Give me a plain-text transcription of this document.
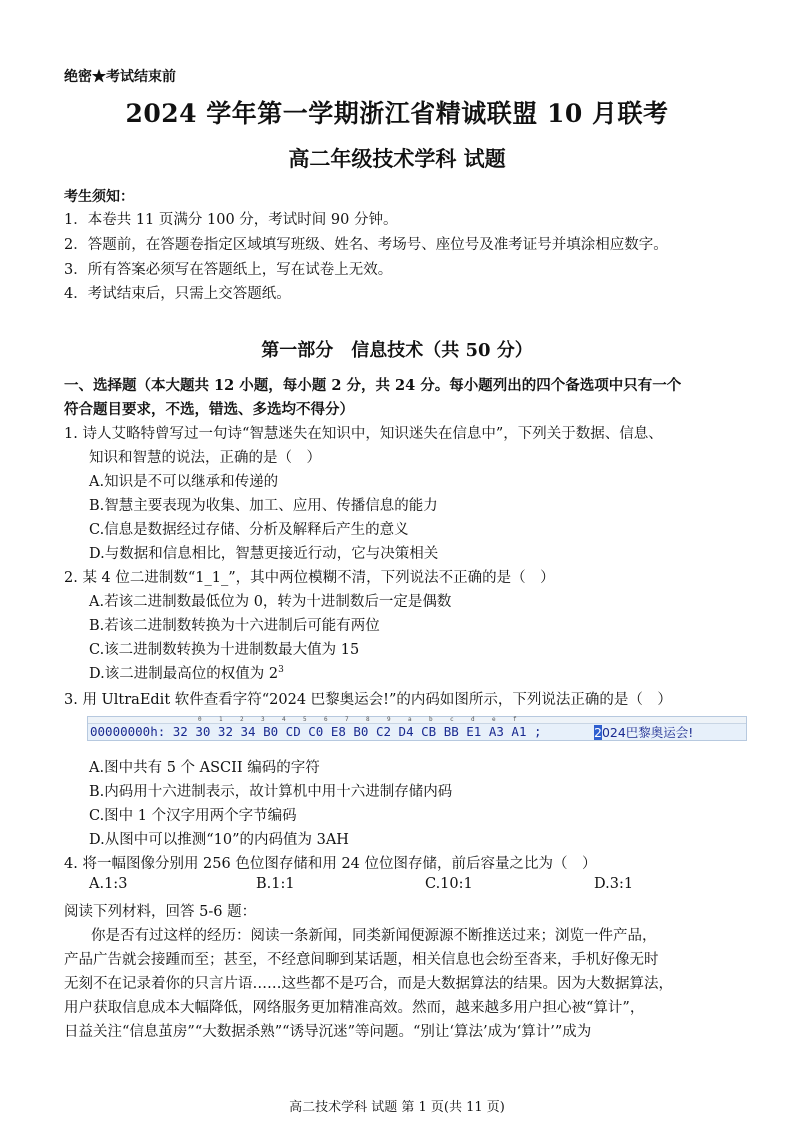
绝密★考试结束前
2024 学年第一学期浙江省精诚联盟 10 月联考
高二年级技术学科 试题
考生须知：
1．本卷共 11 页满分 100 分，考试时间 90 分钟。
2．答题前，在答题卷指定区域填写班级、姓名、考场号、座位号及准考证号并填涂相应数字。
3．所有答案必须写在答题纸上，写在试卷上无效。
4．考试结束后，只需上交答题纸。
第一部分　信息技术（共 50 分）
一、选择题（本大题共 12 小题，每小题 2 分，共 24 分。每小题列出的四个备选项中只有一个
符合题目要求，不选，错选、多选均不得分）
1. 诗人艾略特曾写过一句诗“智慧迷失在知识中，知识迷失在信息中”，下列关于数据、信息、
知识和智慧的说法，正确的是（　）
A.知识是不可以继承和传递的
B.智慧主要表现为收集、加工、应用、传播信息的能力
C.信息是数据经过存储、分析及解释后产生的意义
D.与数据和信息相比，智慧更接近行动，它与决策相关
2. 某 4 位二进制数“1_1_”，其中两位模糊不清，下列说法不正确的是（　）
A.若该二进制数最低位为 0，转为十进制数后一定是偶数
B.若该二进制数转换为十六进制后可能有两位
C.该二进制数转换为十进制数最大值为 15
D.该二进制最高位的权值为 $2^3$
3. 用 UltraEdit 软件查看字符“2024 巴黎奥运会!”的内码如图所示，下列说法正确的是（　）
0	1	2	3	4	5	6	7	8	9	a	b	c	d	e	f
00000000h: 32 30 32 34 B0 CD C0 E8 B0 C2 D4 CB BB E1 A3 A1 ;	2024巴黎奥运会!
A.图中共有 5 个 ASCII 编码的字符
B.内码用十六进制表示，故计算机中用十六进制存储内码
C.图中 1 个汉字用两个字节编码
D.从图中可以推测“10”的内码值为 3AH
4. 将一幅图像分别用 256 色位图存储和用 24 位位图存储，前后容量之比为（　）
A.1:3	B.1:1	C.10:1	D.3:1
阅读下列材料，回答 5-6 题：
你是否有过这样的经历：阅读一条新闻，同类新闻便源源不断推送过来；浏览一件产品，
产品广告就会接踵而至；甚至，不经意间聊到某话题，相关信息也会纷至沓来，手机好像无时
无刻不在记录着你的只言片语……这些都不是巧合，而是大数据算法的结果。因为大数据算法，
用户获取信息成本大幅降低，网络服务更加精准高效。然而，越来越多用户担心被“算计”，
日益关注“信息茧房”“大数据杀熟”“诱导沉迷”等问题。“别让‘算法’成为‘算计’”成为
高二技术学科 试题 第 1 页(共 11 页)
